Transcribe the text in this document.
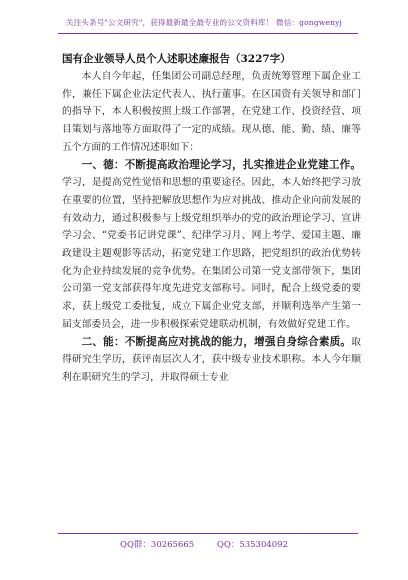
关注头条号"公文研究"，获得最新最全最专业的公文资料库！ 微信：gongwenyj
国有企业领导人员个人述职述廉报告（3227字）

本人自今年起，任集团公司副总经理，负责统筹管理下属企业工作，兼任下属企业法定代表人、执行董事。在区国资有关领导和部门的指导下，本人积极按照上级工作部署，在党建工作、投资经营、项目策划与落地等方面取得了一定的成绩。现从德、能、勤、绩、廉等五个方面的工作情况述职如下：

一、德：不断提高政治理论学习，扎实推进企业党建工作。学习，是提高党性觉悟和思想的重要途径。因此，本人始终把学习放在重要的位置，坚持把解放思想作为应对挑战、推动企业向前发展的有效动力，通过积极参与上级党组织举办的党的政治理论学习、宣讲学习会、“党委书记讲党课”、纪律学习月、网上考学、爱国主题、廉政建设主题观影等活动，拓宽党建工作思路，把党组织的政治优势转化为企业持续发展的竞争优势。在集团公司第一党支部带领下，集团公司第一党支部获得年度先进党支部称号。同时，配合上级党委的要求，获上级党工委批复，成立下属企业党支部，并顺利选举产生第一届支部委员会，进一步积极探索党建联动机制，有效做好党建工作。

二、能：不断提高应对挑战的能力，增强自身综合素质。取得研究生学历，获评南层次人才，获中级专业技术职称。本人今年顺利在职研究生的学习，并取得硕士专业

QQ群：30265665	QQ：535304092
